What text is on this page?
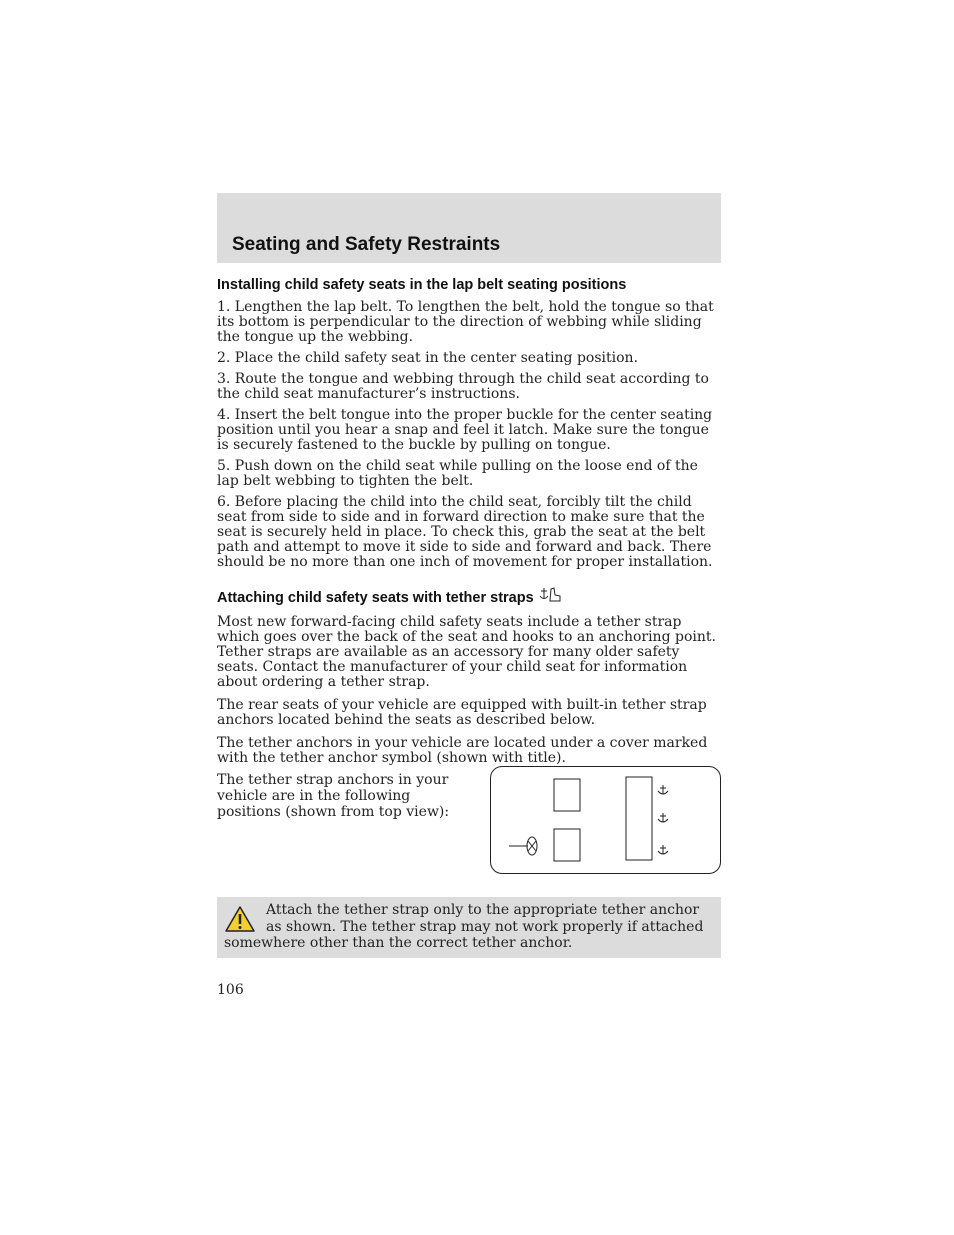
Seating and Safety Restraints
Installing child safety seats in the lap belt seating positions

1. Lengthen the lap belt. To lengthen the belt, hold the tongue so that its bottom is perpendicular to the direction of webbing while sliding the tongue up the webbing.

2. Place the child safety seat in the center seating position.

3. Route the tongue and webbing through the child seat according to the child seat manufacturer’s instructions.

4. Insert the belt tongue into the proper buckle for the center seating position until you hear a snap and feel it latch. Make sure the tongue is securely fastened to the buckle by pulling on tongue.

5. Push down on the child seat while pulling on the loose end of the lap belt webbing to tighten the belt.

6. Before placing the child into the child seat, forcibly tilt the child seat from side to side and in forward direction to make sure that the seat is securely held in place. To check this, grab the seat at the belt path and attempt to move it side to side and forward and back. There should be no more than one inch of movement for proper installation.

Attaching child safety seats with tether straps

Most new forward-facing child safety seats include a tether strap which goes over the back of the seat and hooks to an anchoring point. Tether straps are available as an accessory for many older safety seats. Contact the manufacturer of your child seat for information about ordering a tether strap.

The rear seats of your vehicle are equipped with built-in tether strap anchors located behind the seats as described below.

The tether anchors in your vehicle are located under a cover marked with the tether anchor symbol (shown with title).

The tether strap anchors in your vehicle are in the following positions (shown from top view):
Attach the tether strap only to the appropriate tether anchor as shown. The tether strap may not work properly if attached somewhere other than the correct tether anchor.
106
